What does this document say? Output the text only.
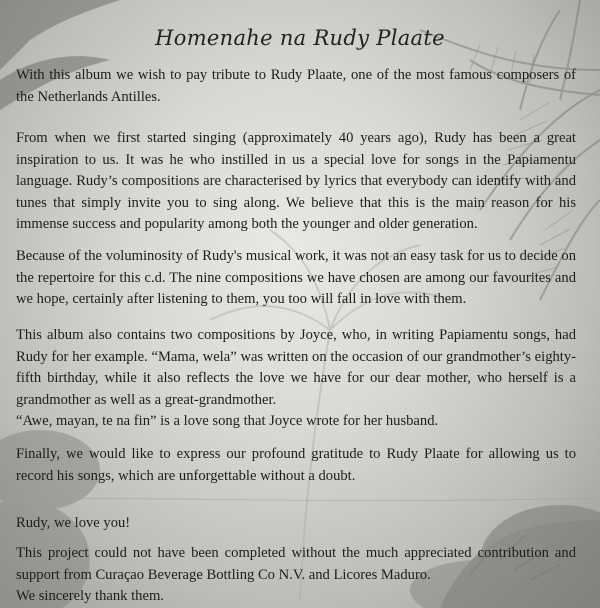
Homenahe na Rudy Plaate
With this album we wish to pay tribute to Rudy Plaate, one of the most famous composers of
the Netherlands Antilles.
From when we first started singing (approximately 40 years ago), Rudy has been a great
inspiration to us. It was he who instilled in us a special love for songs in the Papiamentu
language. Rudy’s compositions are characterised by lyrics that everybody can identify with and
tunes that simply invite you to sing along. We believe that this is the main reason for his
immense success and popularity among both the younger and older generation.
Because of the voluminosity of Rudy's musical work, it was not an easy task for us to decide on
the repertoire for this c.d. The nine compositions we have chosen are among our favourites and
we hope, certainly after listening to them, you too will fall in love with them.
This album also contains two compositions by Joyce, who, in writing Papiamentu songs, had
Rudy for her example. “Mama, wela” was written on the occasion of our grandmother’s eighty-
fifth birthday, while it also reflects the love we have for our dear mother, who herself is a
grandmother as well as a great-grandmother.
“Awe, mayan, te na fin” is a love song that Joyce wrote for her husband.
Finally, we would like to express our profound gratitude to Rudy Plaate for allowing us to
record his songs, which are unforgettable without a doubt.
Rudy, we love you!
This project could not have been completed without the much appreciated contribution and
support from Curaçao Beverage Bottling Co N.V. and Licores Maduro.
We sincerely thank them.
